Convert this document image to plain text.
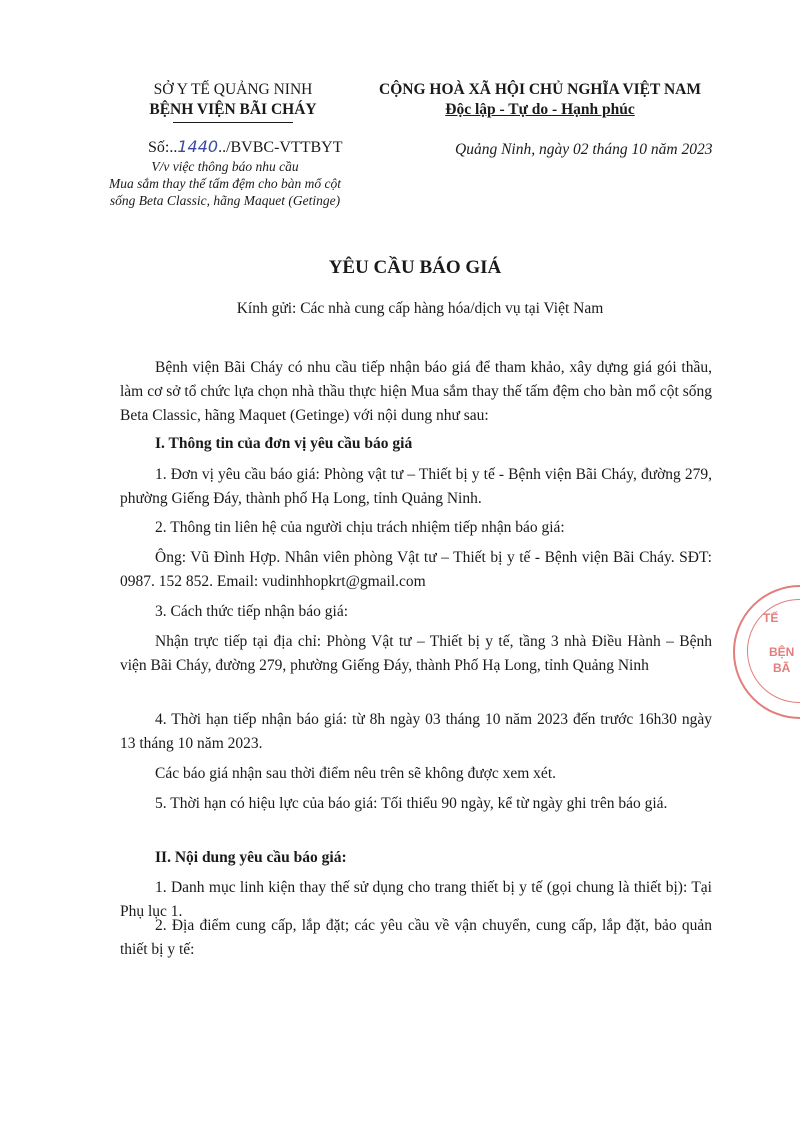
SỞ Y TẾ QUẢNG NINH
BỆNH VIỆN BÃI CHÁY
CỘNG HOÀ XÃ HỘI CHỦ NGHĨA VIỆT NAM
Độc lập - Tự do - Hạnh phúc
Số:..1440../BVBC-VTTBYT	Quảng Ninh, ngày 02 tháng 10 năm 2023
V/v việc thông báo nhu cầu
Mua sắm thay thế tấm đệm cho bàn mổ cột
sống Beta Classic, hãng Maquet (Getinge)
YÊU CẦU BÁO GIÁ
Kính gửi: Các nhà cung cấp hàng hóa/dịch vụ tại Việt Nam
Bệnh viện Bãi Cháy có nhu cầu tiếp nhận báo giá để tham khảo, xây dựng giá gói thầu, làm cơ sở tổ chức lựa chọn nhà thầu thực hiện Mua sắm thay thế tấm đệm cho bàn mổ cột sống Beta Classic, hãng Maquet (Getinge) với nội dung như sau:
I. Thông tin của đơn vị yêu cầu báo giá
1. Đơn vị yêu cầu báo giá: Phòng vật tư – Thiết bị y tế - Bệnh viện Bãi Cháy, đường 279, phường Giếng Đáy, thành phố Hạ Long, tỉnh Quảng Ninh.
2. Thông tin liên hệ của người chịu trách nhiệm tiếp nhận báo giá:
Ông: Vũ Đình Hợp. Nhân viên phòng Vật tư – Thiết bị y tế - Bệnh viện Bãi Cháy. SĐT: 0987. 152 852. Email: vudinhhopkrt@gmail.com
3. Cách thức tiếp nhận báo giá:
Nhận trực tiếp tại địa chỉ: Phòng Vật tư – Thiết bị y tế, tầng 3 nhà Điều Hành – Bệnh viện Bãi Cháy, đường 279, phường Giếng Đáy, thành Phố Hạ Long, tỉnh Quảng Ninh
4. Thời hạn tiếp nhận báo giá: từ 8h ngày 03 tháng 10 năm 2023 đến trước 16h30 ngày 13 tháng 10 năm 2023.
Các báo giá nhận sau thời điểm nêu trên sẽ không được xem xét.
5. Thời hạn có hiệu lực của báo giá: Tối thiểu 90 ngày, kể từ ngày ghi trên báo giá.
II. Nội dung yêu cầu báo giá:
1. Danh mục linh kiện thay thế sử dụng cho trang thiết bị y tế (gọi chung là thiết bị): Tại Phụ lục 1.
2. Địa điểm cung cấp, lắp đặt; các yêu cầu về vận chuyển, cung cấp, lắp đặt, bảo quản thiết bị y tế:
TẾ
BỆN
BÃ
